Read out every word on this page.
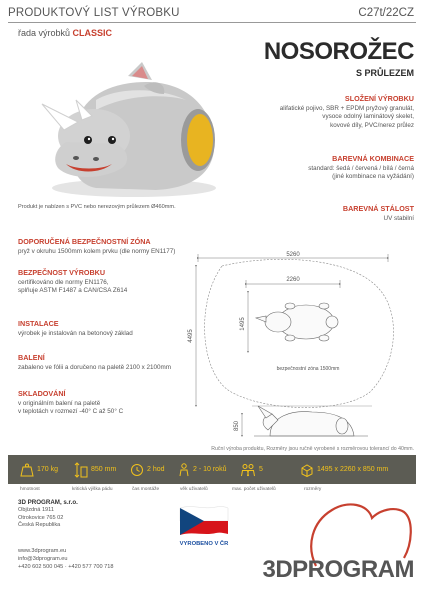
PRODUKTOVÝ LIST VÝROBKU	C27t/22CZ
řada výrobků CLASSIC
NOSOROŽEC
S PRŮLEZEM
SLOŽENÍ VÝROBKU
alifatické pojivo, SBR + EPDM pryžový granulát,
vysoce odolný laminátový skelet,
kovové díly, PVC/nerez průlez
BAREVNÁ KOMBINACE
standard: šedá / červená / bílá / černá
(jiné kombinace na vyžádání)
BAREVNÁ STÁLOST
UV stabilní
Produkt je nabízen s PVC nebo nerezovým průlezem Ø460mm.
DOPORUČENÁ BEZPEČNOSTNÍ ZÓNA
pryž v okruhu 1500mm kolem prvku (dle normy EN1177)
BEZPEČNOST VÝROBKU
certifikováno dle normy EN1176,
splňuje ASTM F1487 a CAN/CSA Z614
INSTALACE
výrobek je instalován na betonový základ
BALENÍ
zabaleno ve fólii a doručeno na paletě 2100 x 2100mm
SKLADOVÁNÍ
v originálním balení na paletě
v teplotách v rozmezí -40° C až 50° C
5260
4495
2260
1495
bezpečnostní zóna 1500mm
850
Ruční výroba produktu, Rozměry jsou ručně vyrobené s rozměrovou tolerancí do 40mm.
170 kg	850 mm	2 hod	2 - 10 roků	5	1495 x 2260 x 850 mm
hmotnost	kritická výška pádu	čas montáže	věk uživatelů	max. počet uživatelů	rozměry
3D PROGRAM, s.r.o.
Objízdná 1911
Otrokovice 765 02
Česká Republika
www.3dprogram.eu
info@3dprogram.eu
+420 602 500 045 · +420 577 700 718
VYROBENO V ČR
3DPROGRAM
